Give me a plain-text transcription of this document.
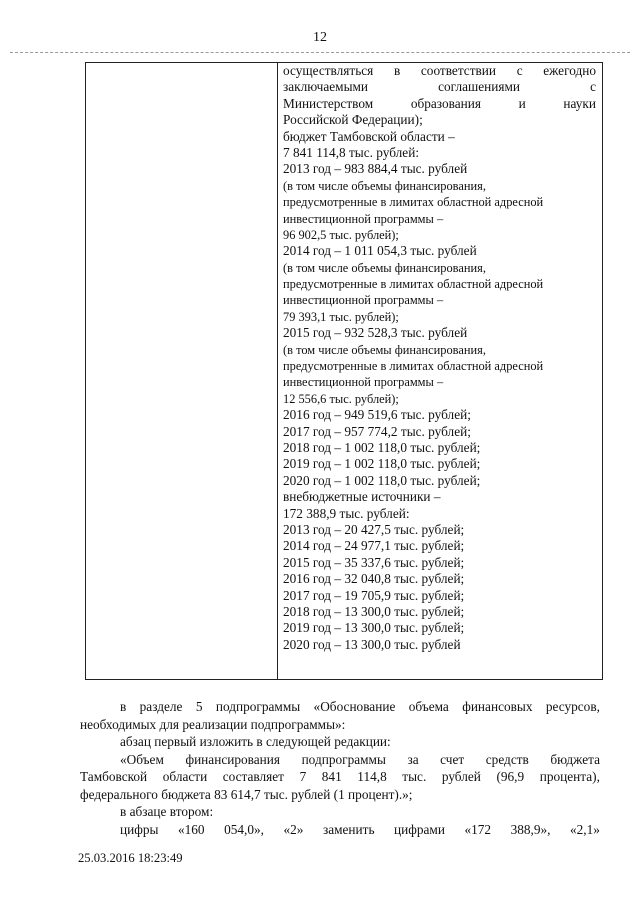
12
осуществляться в соответствии с ежегодно
заключаемыми	соглашениями	с
Министерством	образования	и	науки
Российской Федерации);
бюджет Тамбовской области –
7 841 114,8 тыс. рублей:
2013 год – 983 884,4 тыс. рублей
(в том числе объемы финансирования,
предусмотренные в лимитах областной адресной
инвестиционной программы –
96 902,5 тыс. рублей);
2014 год – 1 011 054,3 тыс. рублей
(в том числе объемы финансирования,
предусмотренные в лимитах областной адресной
инвестиционной программы –
79 393,1 тыс. рублей);
2015 год – 932 528,3 тыс. рублей
(в том числе объемы финансирования,
предусмотренные в лимитах областной адресной
инвестиционной программы –
12 556,6 тыс. рублей);
2016 год – 949 519,6 тыс. рублей;
2017 год – 957 774,2 тыс. рублей;
2018 год – 1 002 118,0 тыс. рублей;
2019 год – 1 002 118,0 тыс. рублей;
2020 год – 1 002 118,0 тыс. рублей;
внебюджетные источники –
172 388,9 тыс. рублей:
2013 год – 20 427,5 тыс. рублей;
2014 год – 24 977,1 тыс. рублей;
2015 год – 35 337,6 тыс. рублей;
2016 год – 32 040,8 тыс. рублей;
2017 год – 19 705,9 тыс. рублей;
2018 год – 13 300,0 тыс. рублей;
2019 год – 13 300,0 тыс. рублей;
2020 год – 13 300,0 тыс. рублей
в разделе 5 подпрограммы «Обоснование объема финансовых ресурсов,
необходимых для реализации подпрограммы»:
абзац первый изложить в следующей редакции:
«Объем финансирования подпрограммы за счет средств бюджета
Тамбовской области составляет 7 841 114,8 тыс. рублей (96,9 процента),
федерального бюджета 83 614,7 тыс. рублей (1 процент).»;
в абзаце втором:
цифры «160 054,0», «2» заменить цифрами «172 388,9», «2,1»
25.03.2016 18:23:49
